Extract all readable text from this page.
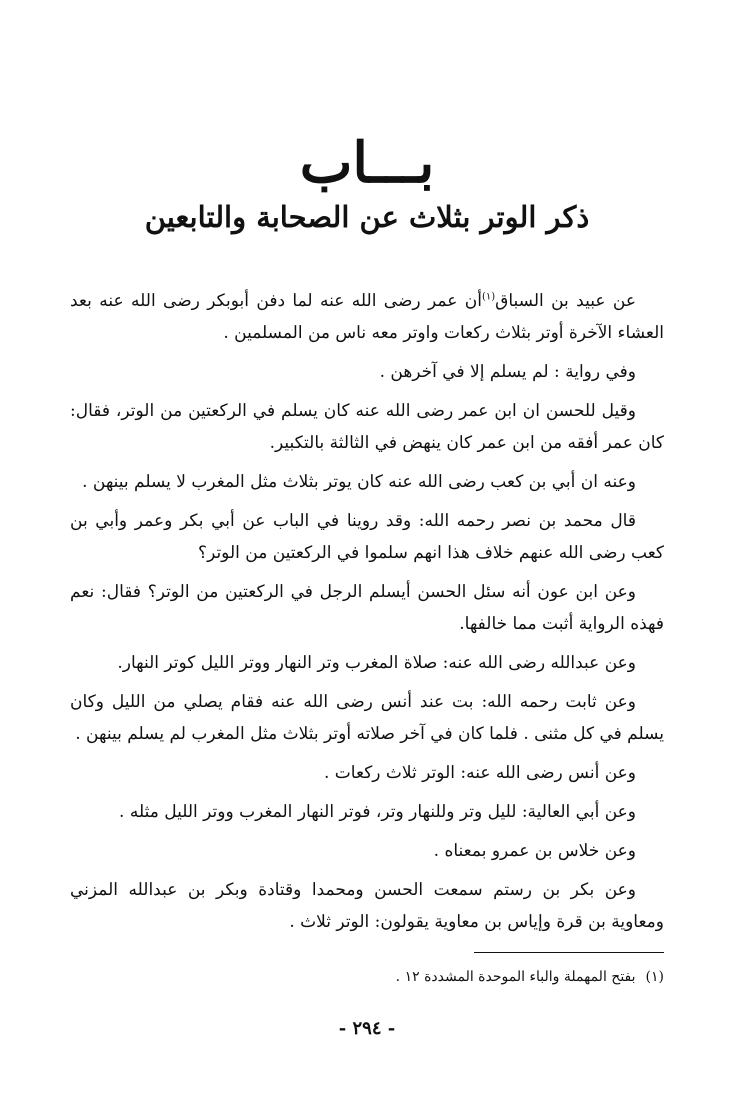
بـــاب
ذكر الوتر بثلاث عن الصحابة والتابعين

عن عبيد بن السباق$^{(١)}$أن عمر رضى الله عنه لما دفن أبوبكر رضى الله عنه بعد العشاء الآخرة أوتر بثلاث ركعات واوتر معه ناس من المسلمين .

وفي رواية : لم يسلم إلا في آخرهن .

وقيل للحسن ان ابن عمر رضى الله عنه كان يسلم في الركعتين من الوتر، فقال: كان عمر أفقه من ابن عمر كان ينهض في الثالثة بالتكبير.

وعنه ان أبي بن كعب رضى الله عنه كان يوتر بثلاث مثل المغرب لا يسلم بينهن .

قال محمد بن نصر رحمه الله: وقد روينا في الباب عن أبي بكر وعمر وأبي بن كعب رضى الله عنهم خلاف هذا انهم سلموا في الركعتين من الوتر؟

وعن ابن عون أنه سئل الحسن أيسلم الرجل في الركعتين من الوتر؟ فقال: نعم فهذه الرواية أثبت مما خالفها.

وعن عبدالله رضى الله عنه: صلاة المغرب وتر النهار ووتر الليل كوتر النهار.

وعن ثابت رحمه الله: بت عند أنس رضى الله عنه فقام يصلي من الليل وكان يسلم في كل مثنى . فلما كان في آخر صلاته أوتر بثلاث مثل المغرب لم يسلم بينهن .

وعن أنس رضى الله عنه: الوتر ثلاث ركعات .

وعن أبي العالية: لليل وتر وللنهار وتر، فوتر النهار المغرب ووتر الليل مثله .

وعن خلاس بن عمرو بمعناه .

وعن بكر بن رستم سمعت الحسن ومحمدا وقتادة وبكر بن عبدالله المزني ومعاوية بن قرة وإياس بن معاوية يقولون: الوتر ثلاث .

(١)بفتح المهملة والباء الموحدة المشددة ١٢ .

- ٢٩٤ -
